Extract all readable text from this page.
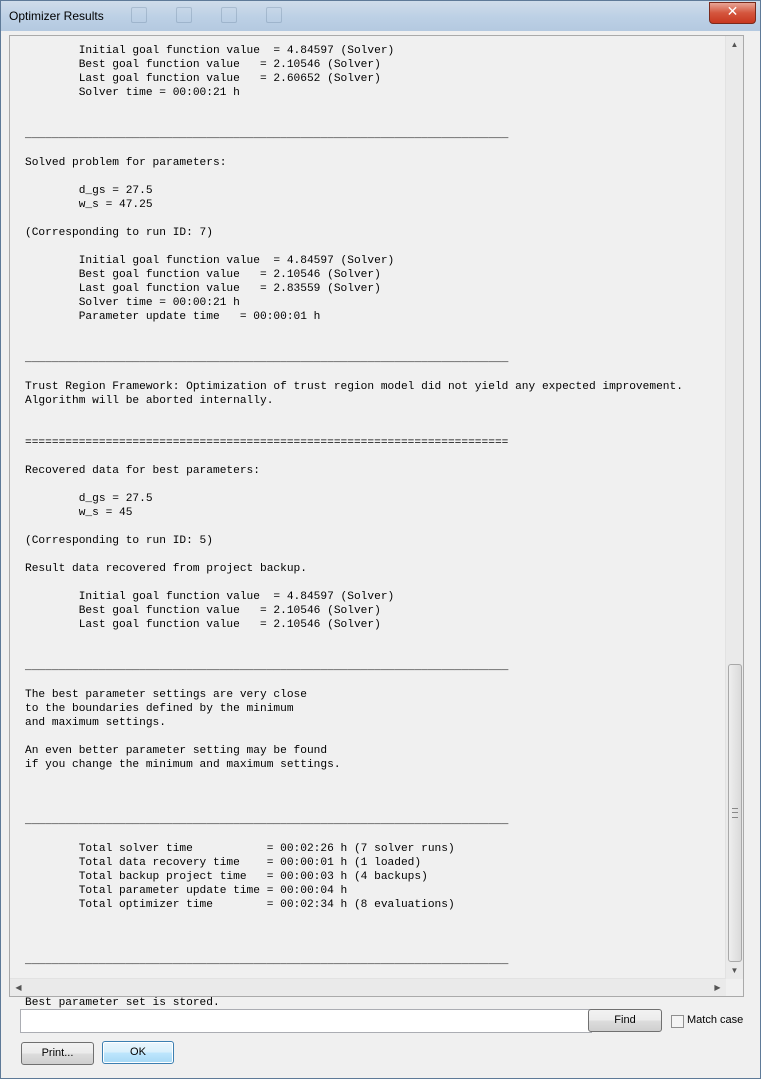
Optimizer Results	✕
Initial goal function value  = 4.84597 (Solver)
Best goal function value   = 2.10546 (Solver)
Last goal function value   = 2.60652 (Solver)
Solver time = 00:00:21 h

________________________________________________________________________

Solved problem for parameters:

d_gs = 27.5
w_s = 47.25

(Corresponding to run ID: 7)

Initial goal function value  = 4.84597 (Solver)
Best goal function value   = 2.10546 (Solver)
Last goal function value   = 2.83559 (Solver)
Solver time = 00:00:21 h
Parameter update time   = 00:00:01 h

________________________________________________________________________

Trust Region Framework: Optimization of trust region model did not yield any expected improvement.
Algorithm will be aborted internally.

========================================================================

Recovered data for best parameters:

d_gs = 27.5
w_s = 45

(Corresponding to run ID: 5)

Result data recovered from project backup.

Initial goal function value  = 4.84597 (Solver)
Best goal function value   = 2.10546 (Solver)
Last goal function value   = 2.10546 (Solver)

________________________________________________________________________

The best parameter settings are very close
to the boundaries defined by the minimum
and maximum settings.

An even better parameter setting may be found
if you change the minimum and maximum settings.

________________________________________________________________________

Total solver time           = 00:02:26 h (7 solver runs)
Total data recovery time    = 00:00:01 h (1 loaded)
Total backup project time   = 00:00:03 h (4 backups)
Total parameter update time = 00:00:04 h
Total optimizer time        = 00:02:34 h (8 evaluations)

________________________________________________________________________

Best parameter set is stored.
▲
▼
◀	▶
Find	Match case
Print...	OK
